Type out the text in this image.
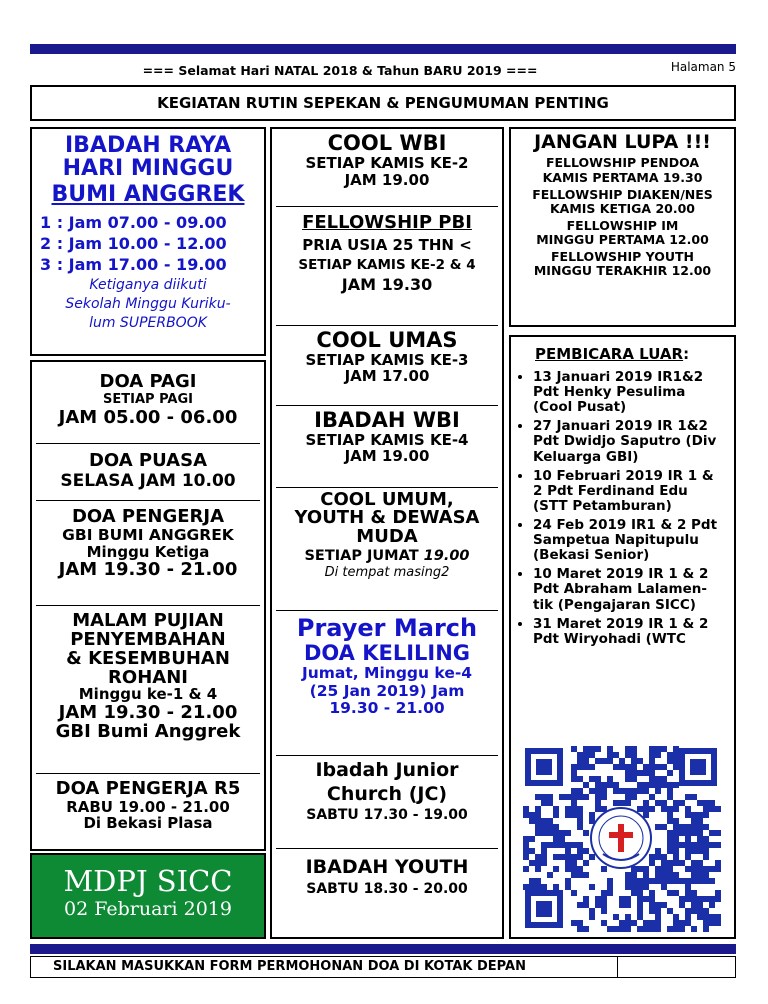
=== Selamat Hari NATAL 2018 & Tahun BARU 2019 ===	Halaman 5
KEGIATAN RUTIN SEPEKAN & PENGUMUMAN PENTING
IBADAH RAYA
HARI MINGGU
BUMI ANGGREK
1 : Jam 07.00 - 09.00
2 : Jam 10.00 - 12.00
3 : Jam 17.00 - 19.00
Ketiganya diikuti
Sekolah Minggu Kuriku-
lum SUPERBOOK
DOA PAGI
SETIAP PAGI
JAM 05.00 - 06.00
DOA PUASA
SELASA JAM 10.00
DOA PENGERJA
GBI BUMI ANGGREK
Minggu Ketiga
JAM 19.30 - 21.00
MALAM PUJIAN
PENYEMBAHAN
& KESEMBUHAN
ROHANI
Minggu ke-1 & 4
JAM 19.30 - 21.00
GBI Bumi Anggrek
DOA PENGERJA R5
RABU 19.00 - 21.00
Di Bekasi Plasa
MDPJ SICC
02 Februari 2019
COOL WBI
SETIAP KAMIS KE-2
JAM 19.00
FELLOWSHIP PBI
PRIA USIA 25 THN <
SETIAP KAMIS KE-2 & 4
JAM 19.30
COOL UMAS
SETIAP KAMIS KE-3
JAM 17.00
IBADAH WBI
SETIAP KAMIS KE-4
JAM 19.00
COOL UMUM,
YOUTH & DEWASA
MUDA
SETIAP JUMAT 19.00
Di tempat masing2
Prayer March
DOA KELILING
Jumat, Minggu ke-4
(25 Jan 2019) Jam
19.30 - 21.00
Ibadah Junior
Church (JC)
SABTU 17.30 - 19.00
IBADAH YOUTH
SABTU 18.30 - 20.00
JANGAN LUPA !!!
FELLOWSHIP PENDOA
KAMIS PERTAMA 19.30
FELLOWSHIP DIAKEN/NES
KAMIS KETIGA 20.00
FELLOWSHIP IM
MINGGU PERTAMA 12.00
FELLOWSHIP YOUTH
MINGGU TERAKHIR 12.00
PEMBICARA LUAR:
• 13 Januari 2019 IR1&2 Pdt Henky Pesulima (Cool Pusat)
• 27 Januari 2019 IR 1&2 Pdt Dwidjo Saputro (Div Keluarga GBI)
• 10 Februari 2019 IR 1 & 2 Pdt Ferdinand Edu (STT Petamburan)
• 24 Feb 2019 IR1 & 2 Pdt Sampetua Napitupulu (Bekasi Senior)
• 10 Maret 2019 IR 1 & 2 Pdt Abraham Lalamen-tik (Pengajaran SICC)
• 31 Maret 2019 IR 1 & 2 Pdt Wiryohadi (WTC
SILAKAN MASUKKAN FORM PERMOHONAN DOA DI KOTAK DEPAN
